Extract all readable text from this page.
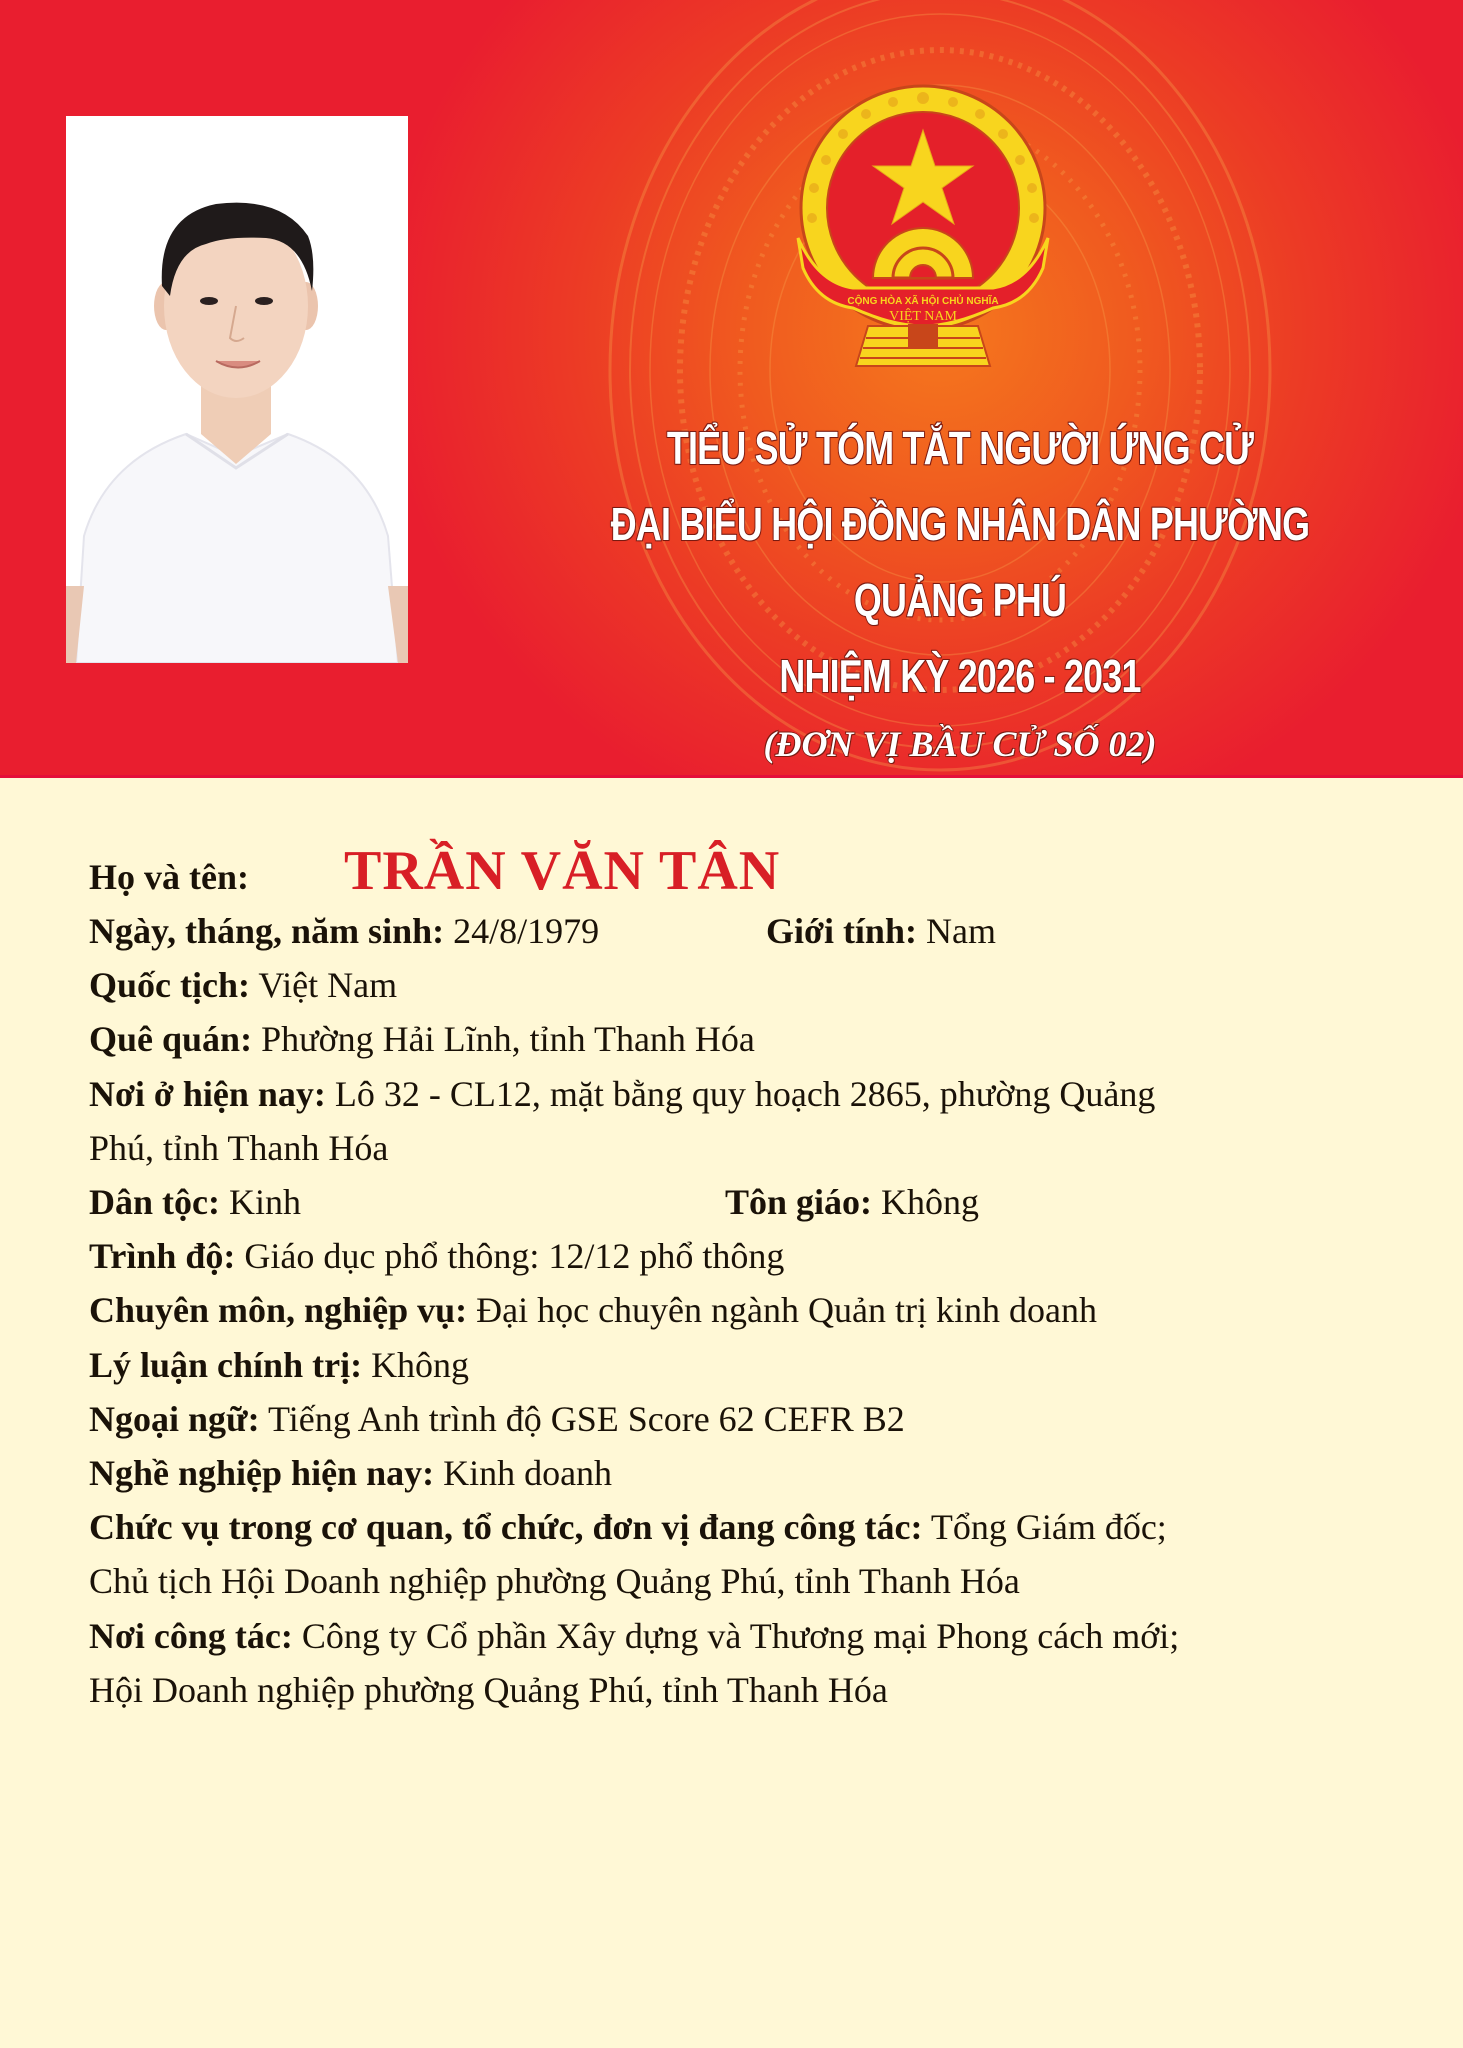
CỘNG HÒA XÃ HỘI CHỦ NGHĨA
VIỆT NAM
TIỂU SỬ TÓM TẮT NGƯỜI ỨNG CỬ
ĐẠI BIỂU HỘI ĐỒNG NHÂN DÂN PHƯỜNG QUẢNG PHÚ
NHIỆM KỲ 2026 - 2031
(ĐƠN VỊ BẦU CỬ SỐ 02)
Họ và tên: TRẦN VĂN TÂN
Ngày, tháng, năm sinh: 24/8/1979	Giới tính: Nam
Quốc tịch: Việt Nam
Quê quán: Phường Hải Lĩnh, tỉnh Thanh Hóa
Nơi ở hiện nay: Lô 32 - CL12, mặt bằng quy hoạch 2865, phường Quảng
Phú, tỉnh Thanh Hóa
Dân tộc: Kinh	Tôn giáo: Không
Trình độ: Giáo dục phổ thông: 12/12 phổ thông
Chuyên môn, nghiệp vụ: Đại học chuyên ngành Quản trị kinh doanh
Lý luận chính trị: Không
Ngoại ngữ: Tiếng Anh trình độ GSE Score 62 CEFR B2
Nghề nghiệp hiện nay: Kinh doanh
Chức vụ trong cơ quan, tổ chức, đơn vị đang công tác: Tổng Giám đốc;
Chủ tịch Hội Doanh nghiệp phường Quảng Phú, tỉnh Thanh Hóa
Nơi công tác: Công ty Cổ phần Xây dựng và Thương mại Phong cách mới;
Hội Doanh nghiệp phường Quảng Phú, tỉnh Thanh Hóa
